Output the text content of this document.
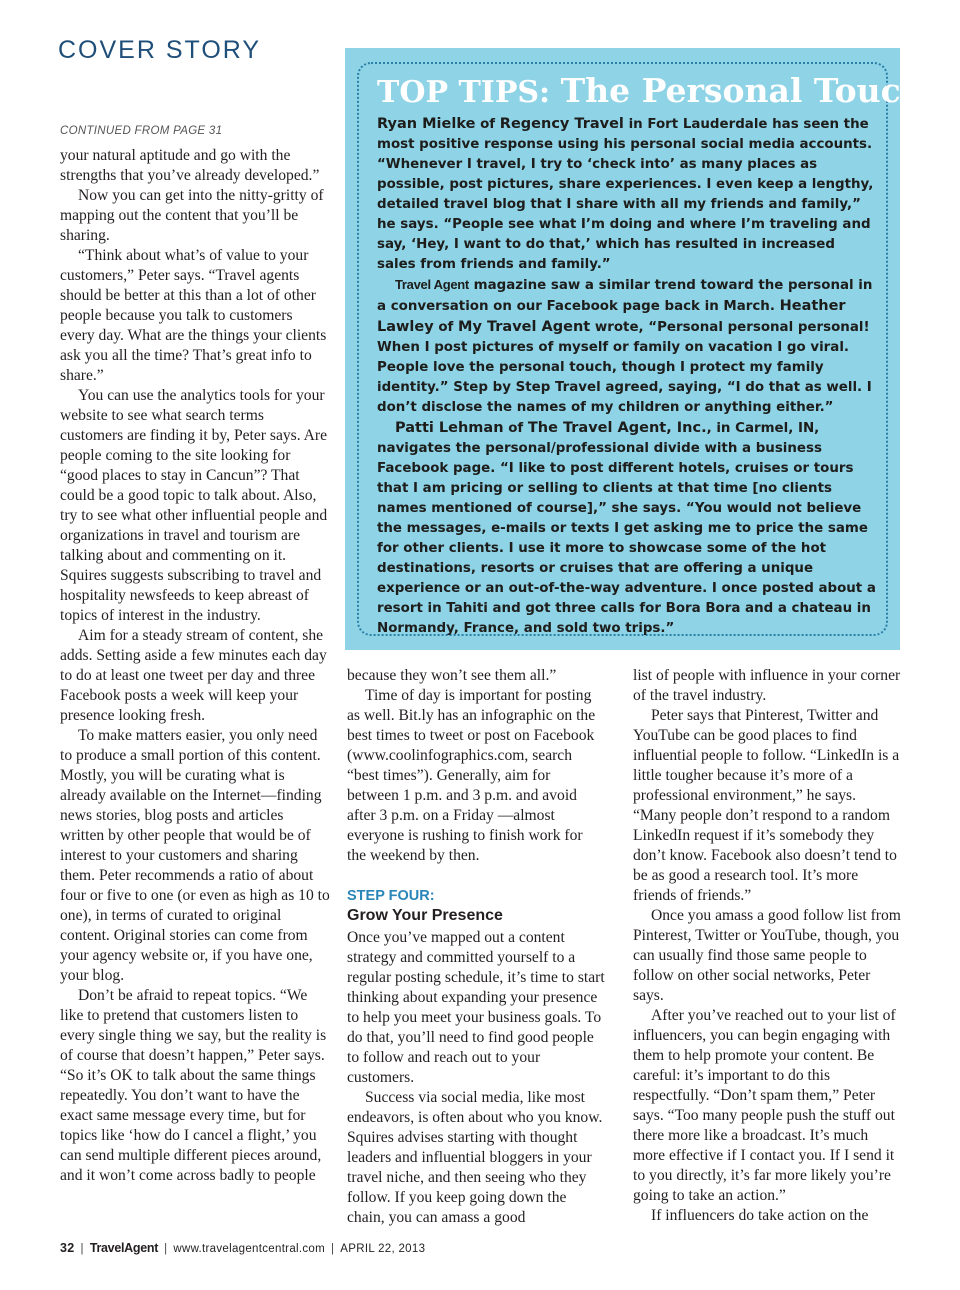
COVER STORY
TOP TIPS: The Personal Touch

Ryan Mielke of Regency Travel in Fort Lauderdale has seen the most positive response using his personal social media accounts. “Whenever I travel, I try to ‘check into’ as many places as possible, post pictures, share experiences. I even keep a lengthy, detailed travel blog that I share with all my friends and family,” he says. “People see what I’m doing and where I’m traveling and say, ‘Hey, I want to do that,’ which has resulted in increased sales from friends and family.”

Travel Agent magazine saw a similar trend toward the personal in a conversation on our Facebook page back in March. Heather Lawley of My Travel Agent wrote, “Personal personal personal! When I post pictures of myself or family on vacation I go viral. People love the personal touch, though I protect my family identity.” Step by Step Travel agreed, saying, “I do that as well. I don’t disclose the names of my children or anything either.”

Patti Lehman of The Travel Agent, Inc., in Carmel, IN, navigates the personal/professional divide with a business Facebook page. “I like to post different hotels, cruises or tours that I am pricing or selling to clients at that time [no clients names mentioned of course],” she says. “You would not believe the messages, e-mails or texts I get asking me to price the same for other clients. I use it more to showcase some of the hot destinations, resorts or cruises that are offering a unique experience or an out-of-the-way adventure. I once posted about a resort in Tahiti and got three calls for Bora Bora and a chateau in Normandy, France, and sold two trips.”

CONTINUED FROM PAGE 31

your natural aptitude and go with the strengths that you’ve already developed.”

Now you can get into the nitty-gritty of mapping out the content that you’ll be sharing.

“Think about what’s of value to your customers,” Peter says. “Travel agents should be better at this than a lot of other people because you talk to customers every day. What are the things your clients ask you all the time? That’s great info to share.”

You can use the analytics tools for your website to see what search terms customers are finding it by, Peter says. Are people coming to the site looking for “good places to stay in Cancun”? That could be a good topic to talk about. Also, try to see what other influential people and organizations in travel and tourism are talking about and commenting on it. Squires suggests subscribing to travel and hospitality newsfeeds to keep abreast of topics of interest in the industry.

Aim for a steady stream of content, she adds. Setting aside a few minutes each day to do at least one tweet per day and three Facebook posts a week will keep your presence looking fresh.

To make matters easier, you only need to produce a small portion of this content. Mostly, you will be curating what is already available on the Internet—finding news stories, blog posts and articles written by other people that would be of interest to your customers and sharing them. Peter recommends a ratio of about four or five to one (or even as high as 10 to one), in terms of curated to original content. Original stories can come from your agency website or, if you have one, your blog.

Don’t be afraid to repeat topics. “We like to pretend that customers listen to every single thing we say, but the reality is of course that doesn’t happen,” Peter says. “So it’s OK to talk about the same things repeatedly. You don’t want to have the exact same message every time, but for topics like ‘how do I cancel a flight,’ you can send multiple different pieces around, and it won’t come across badly to people

because they won’t see them all.”

Time of day is important for posting as well. Bit.ly has an infographic on the best times to tweet or post on Facebook (www.coolinfographics.com, search “best times”). Generally, aim for between 1 p.m. and 3 p.m. and avoid after 3 p.m. on a Friday —almost everyone is rushing to finish work for the weekend by then.

STEP FOUR:
Grow Your Presence

Once you’ve mapped out a content strategy and committed yourself to a regular posting schedule, it’s time to start thinking about expanding your presence to help you meet your business goals. To do that, you’ll need to find good people to follow and reach out to your customers.

Success via social media, like most endeavors, is often about who you know. Squires advises starting with thought leaders and influential bloggers in your travel niche, and then seeing who they follow. If you keep going down the chain, you can amass a good

list of people with influence in your corner of the travel industry.

Peter says that Pinterest, Twitter and YouTube can be good places to find influential people to follow. “LinkedIn is a little tougher because it’s more of a professional environment,” he says. “Many people don’t respond to a random LinkedIn request if it’s somebody they don’t know. Facebook also doesn’t tend to be as good a research tool. It’s more friends of friends.”

Once you amass a good follow list from Pinterest, Twitter or YouTube, though, you can usually find those same people to follow on other social networks, Peter says.

After you’ve reached out to your list of influencers, you can begin engaging with them to help promote your content. Be careful: it’s important to do this respectfully. “Don’t spam them,” Peter says. “Too many people push the stuff out there more like a broadcast. It’s much more effective if I contact you. If I send it to you directly, it’s far more likely you’re going to take an action.”

If influencers do take action on the

32 | TravelAgent | www.travelagentcentral.com | APRIL 22, 2013
